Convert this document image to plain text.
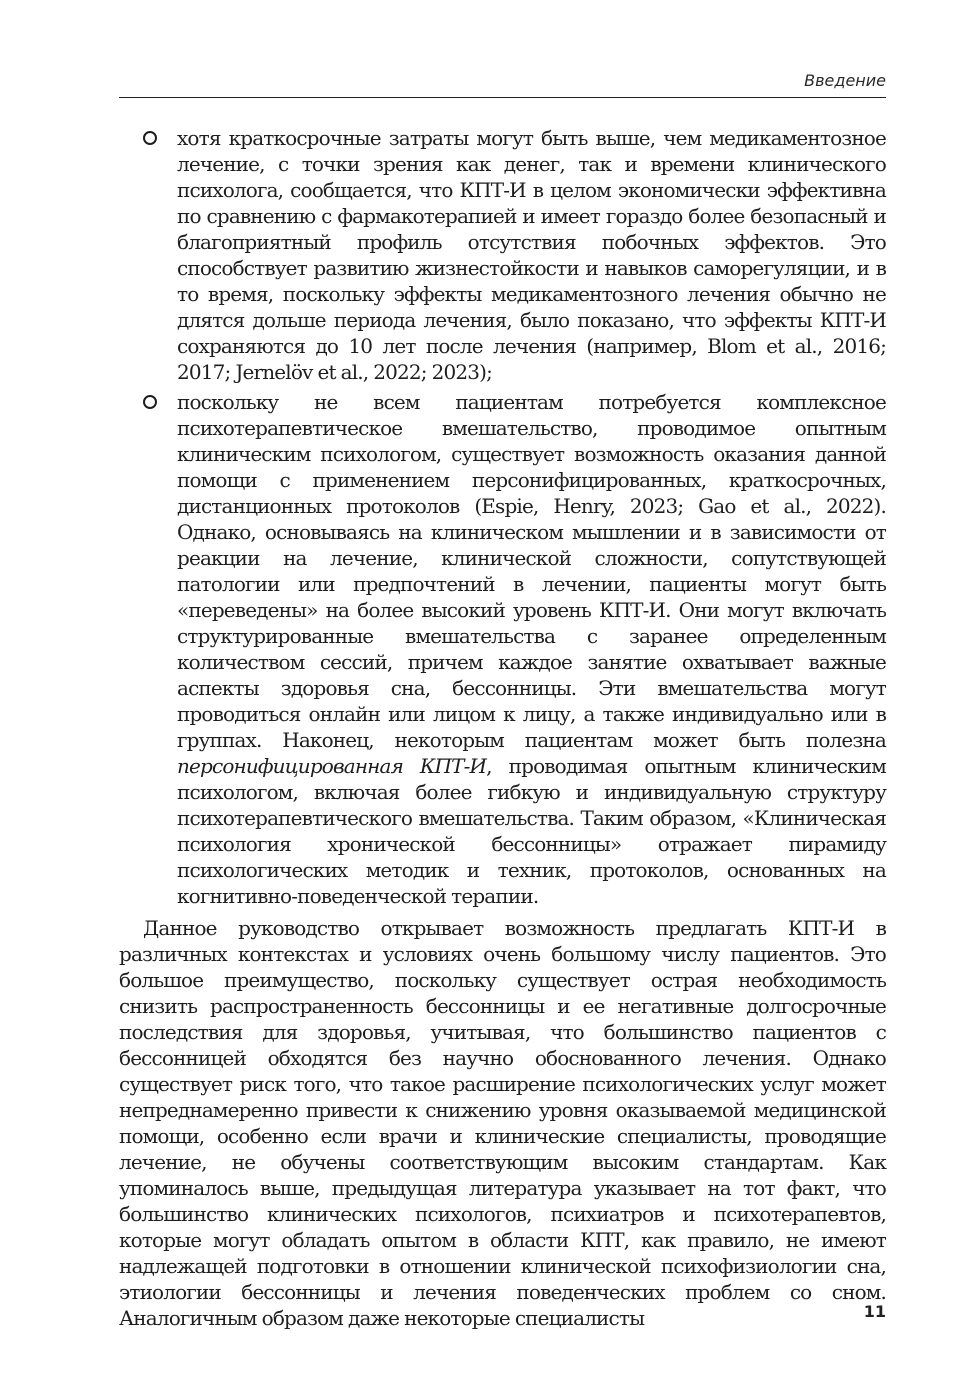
Введение
хотя краткосрочные затраты могут быть выше, чем медикаментозное лечение, с точки зрения как денег, так и времени клинического психолога, сообщается, что КПТ-И в целом экономически эффективна по сравнению с фармакотерапией и имеет гораздо более безопасный и благоприятный профиль отсутствия побочных эффектов. Это способствует развитию жизнестойкости и навыков саморегуляции, и в то время, поскольку эффекты медикаментозного лечения обычно не длятся дольше периода лечения, было показано, что эффекты КПТ-И сохраняются до 10 лет после лечения (например, Blom et al., 2016; 2017; Jernelöv et al., 2022; 2023);
поскольку не всем пациентам потребуется комплексное психотерапевтическое вмешательство, проводимое опытным клиническим психологом, существует возможность оказания данной помощи с применением персонифицированных, краткосрочных, дистанционных протоколов (Espie, Henry, 2023; Gao et al., 2022). Однако, основываясь на клиническом мышлении и в зависимости от реакции на лечение, клинической сложности, сопутствующей патологии или предпочтений в лечении, пациенты могут быть «переведены» на более высокий уровень КПТ-И. Они могут включать структурированные вмешательства с заранее определенным количеством сессий, причем каждое занятие охватывает важные аспекты здоровья сна, бессонницы. Эти вмешательства могут проводиться онлайн или лицом к лицу, а также индивидуально или в группах. Наконец, некоторым пациентам может быть полезна персонифицированная КПТ-И, проводимая опытным клиническим психологом, включая более гибкую и индивидуальную структуру психотерапевтического вмешательства. Таким образом, «Клиническая психология хронической бессонницы» отражает пирамиду психологических методик и техник, протоколов, основанных на когнитивно-поведенческой терапии.

Данное руководство открывает возможность предлагать КПТ-И в различных контекстах и условиях очень большому числу пациентов. Это большое преимущество, поскольку существует острая необходимость снизить распространенность бессонницы и ее негативные долгосрочные последствия для здоровья, учитывая, что большинство пациентов с бессонницей обходятся без научно обоснованного лечения. Однако существует риск того, что такое расширение психологических услуг может непреднамеренно привести к снижению уровня оказываемой медицинской помощи, особенно если врачи и клинические специалисты, проводящие лечение, не обучены соответствующим высоким стандартам. Как упоминалось выше, предыдущая литература указывает на тот факт, что большинство клинических психологов, психиатров и психотерапевтов, которые могут обладать опытом в области КПТ, как правило, не имеют надлежащей подготовки в отношении клинической психофизиологии сна, этиологии бессонницы и лечения поведенческих проблем со сном. Аналогичным образом даже некоторые специалисты	11
